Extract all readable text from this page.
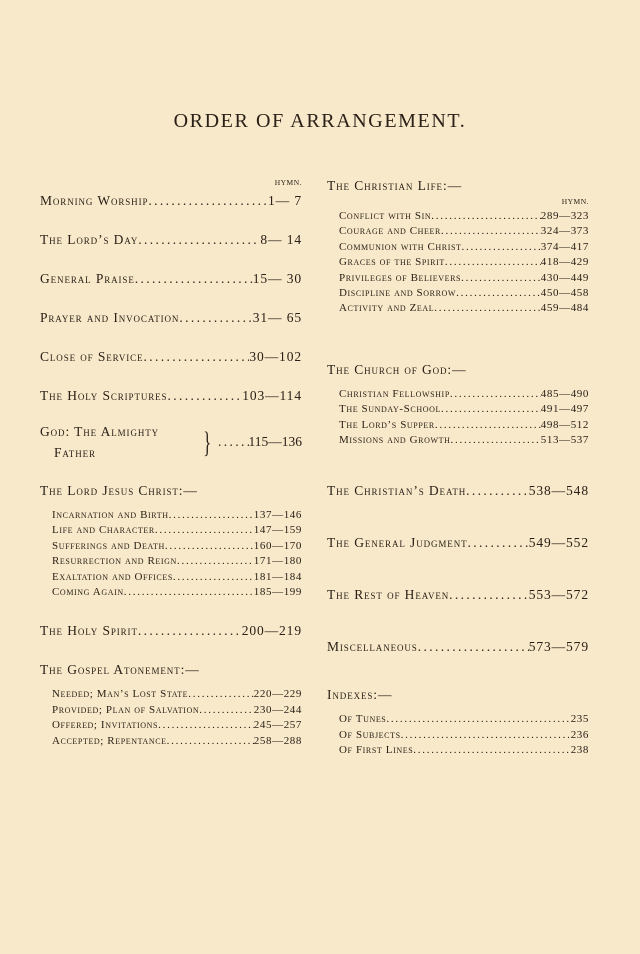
ORDER OF ARRANGEMENT.
HYMN.
Morning Worship . . .	1— 7
The Lord’s Day . . .	8— 14
General Praise . . .	15— 30
Prayer and Invocation . . .	31— 65
Close of Service . . .	30—102
The Holy Scriptures . . .	103—114
God: The Almighty
Father	} . . .	115—136
The Lord Jesus Christ:—
Incarnation and Birth . . .	137—146
Life and Character . . .	147—159
Sufferings and Death . . .	160—170
Resurrection and Reign . . .	171—180
Exaltation and Offices . . .	181—184
Coming Again . . .	185—199
The Holy Spirit . . .	200—219
The Gospel Atonement:—
Needed; Man’s Lost State . . .	220—229
Provided; Plan of Salvation . . .	230—244
Offered; Invitations . . .	245—257
Accepted; Repentance . . .	258—288
The Christian Life:—
HYMN.
Conflict with Sin . . .	289—323
Courage and Cheer . . .	324—373
Communion with Christ . . .	374—417
Graces of the Spirit . . .	418—429
Privileges of Believers . . .	430—449
Discipline and Sorrow . . .	450—458
Activity and Zeal . . .	459—484
The Church of God:—
Christian Fellowship . . .	485—490
The Sunday-School . . .	491—497
The Lord’s Supper . . .	498—512
Missions and Growth . . .	513—537
The Christian’s Death . . .	538—548
The General Judgment . . .	549—552
The Rest of Heaven . . .	553—572
Miscellaneous . . .	573—579
Indexes:—
Of Tunes . . .	235
Of Subjects . . .	236
Of First Lines . . .	238
